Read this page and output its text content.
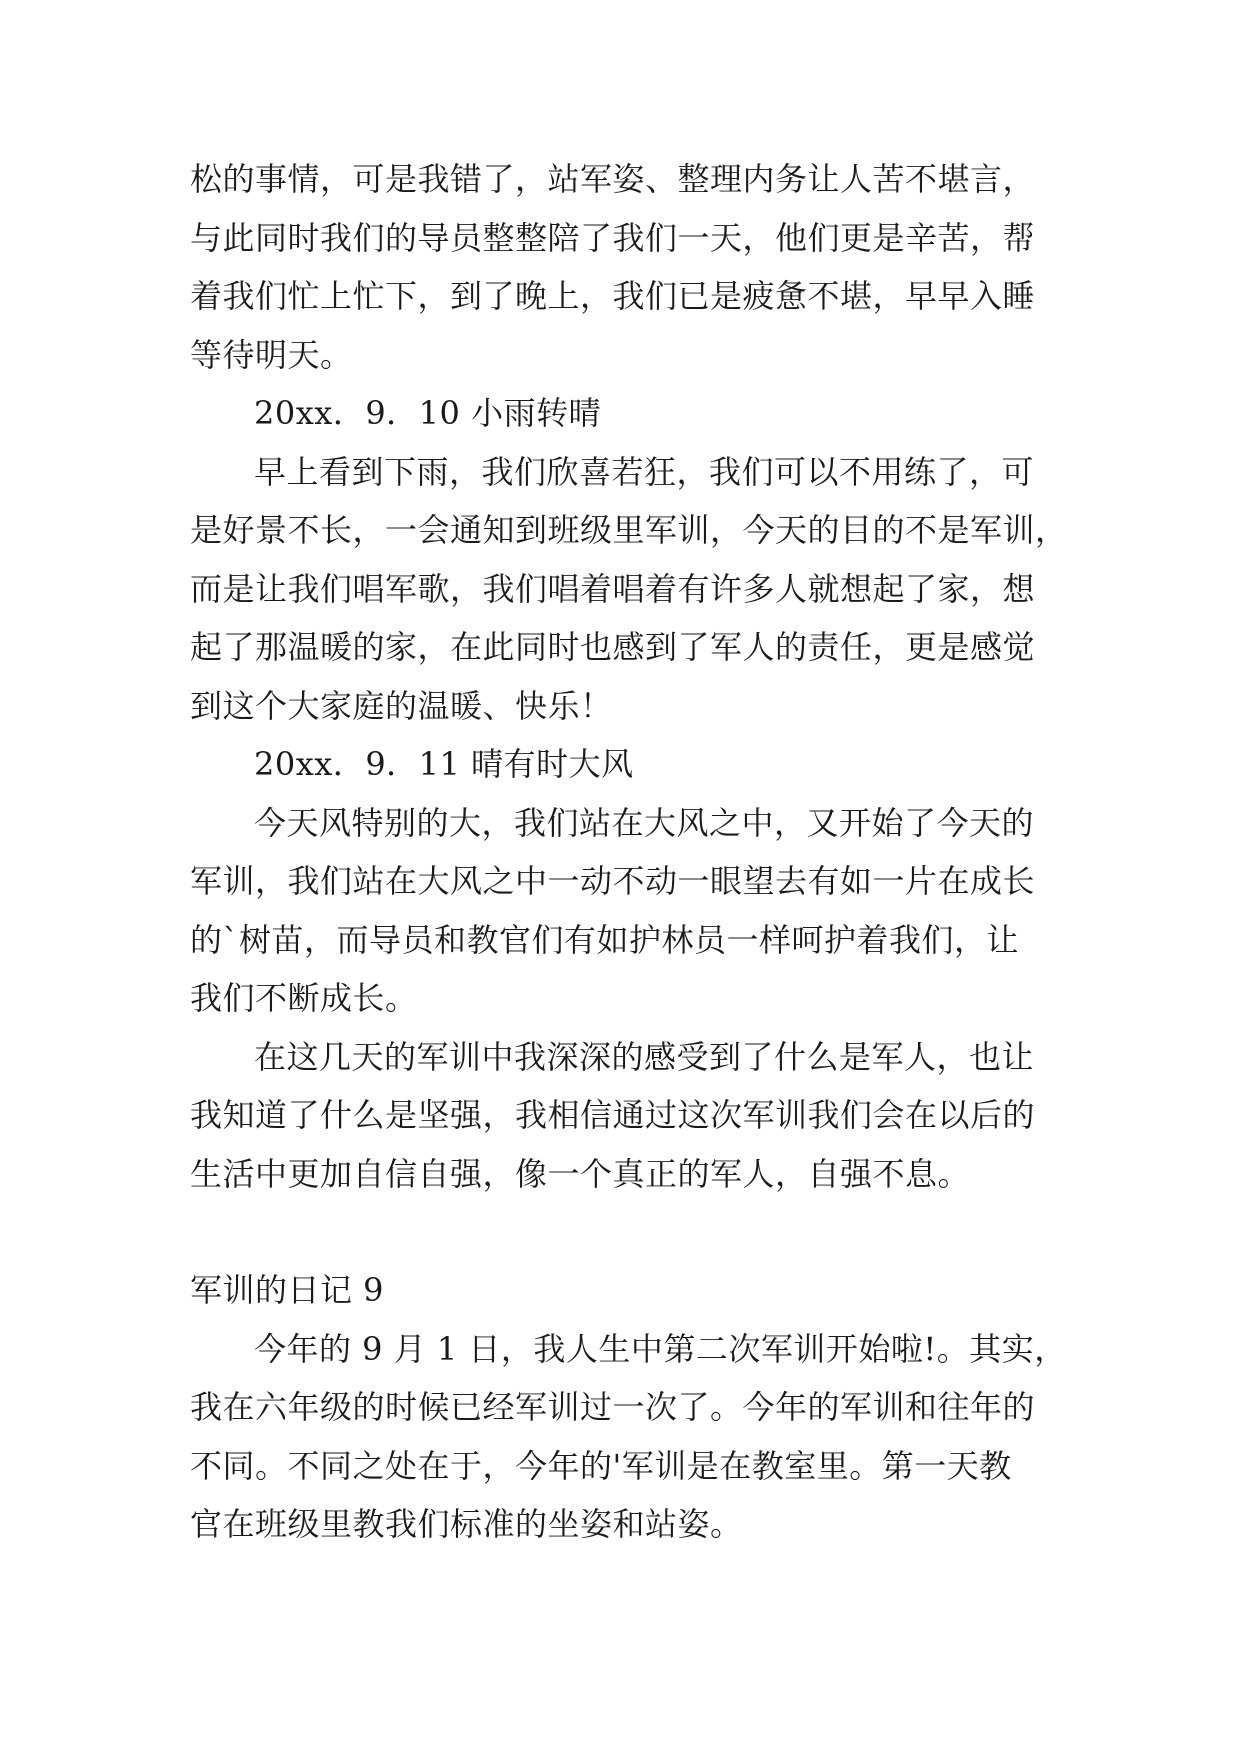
松的事情，可是我错了，站军姿、整理内务让人苦不堪言，
与此同时我们的导员整整陪了我们一天，他们更是辛苦，帮
着我们忙上忙下，到了晚上，我们已是疲惫不堪，早早入睡
等待明天。
20xx．9．10 小雨转晴
早上看到下雨，我们欣喜若狂，我们可以不用练了，可
是好景不长，一会通知到班级里军训，今天的目的不是军训，
而是让我们唱军歌，我们唱着唱着有许多人就想起了家，想
起了那温暖的家，在此同时也感到了军人的责任，更是感觉
到这个大家庭的温暖、快乐！
20xx．9．11 晴有时大风
今天风特别的大，我们站在大风之中，又开始了今天的
军训，我们站在大风之中一动不动一眼望去有如一片在成长
的`树苗，而导员和教官们有如护林员一样呵护着我们，让
我们不断成长。
在这几天的军训中我深深的感受到了什么是军人，也让
我知道了什么是坚强，我相信通过这次军训我们会在以后的
生活中更加自信自强，像一个真正的军人，自强不息。
军训的日记 9
今年的 9 月 1 日，我人生中第二次军训开始啦!。其实，
我在六年级的时候已经军训过一次了。今年的军训和往年的
不同。不同之处在于，今年的'军训是在教室里。第一天教
官在班级里教我们标准的坐姿和站姿。
